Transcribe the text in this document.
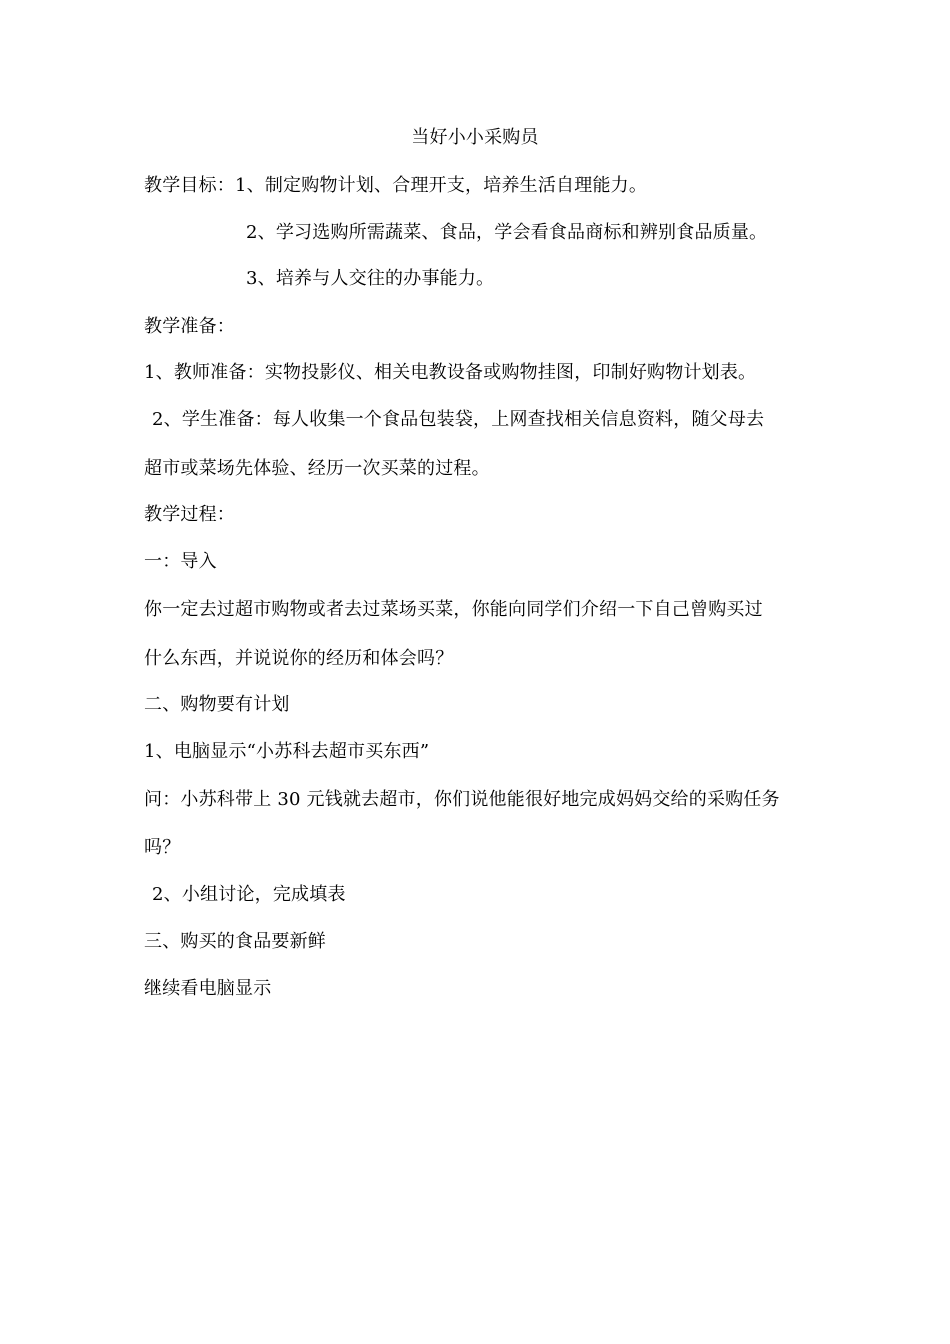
当好小小采购员
教学目标：1、制定购物计划、合理开支，培养生活自理能力。
2、学习选购所需蔬菜、食品，学会看食品商标和辨别食品质量。
3、培养与人交往的办事能力。
教学准备：
1、教师准备：实物投影仪、相关电教设备或购物挂图，印制好购物计划表。
2、学生准备：每人收集一个食品包装袋，上网查找相关信息资料，随父母去
超市或菜场先体验、经历一次买菜的过程。
教学过程：
一：导入
你一定去过超市购物或者去过菜场买菜，你能向同学们介绍一下自己曾购买过
什么东西，并说说你的经历和体会吗？
二、购物要有计划
1、电脑显示“小苏科去超市买东西”
问：小苏科带上 30 元钱就去超市，你们说他能很好地完成妈妈交给的采购任务
吗？
2、小组讨论，完成填表
三、购买的食品要新鲜
继续看电脑显示
